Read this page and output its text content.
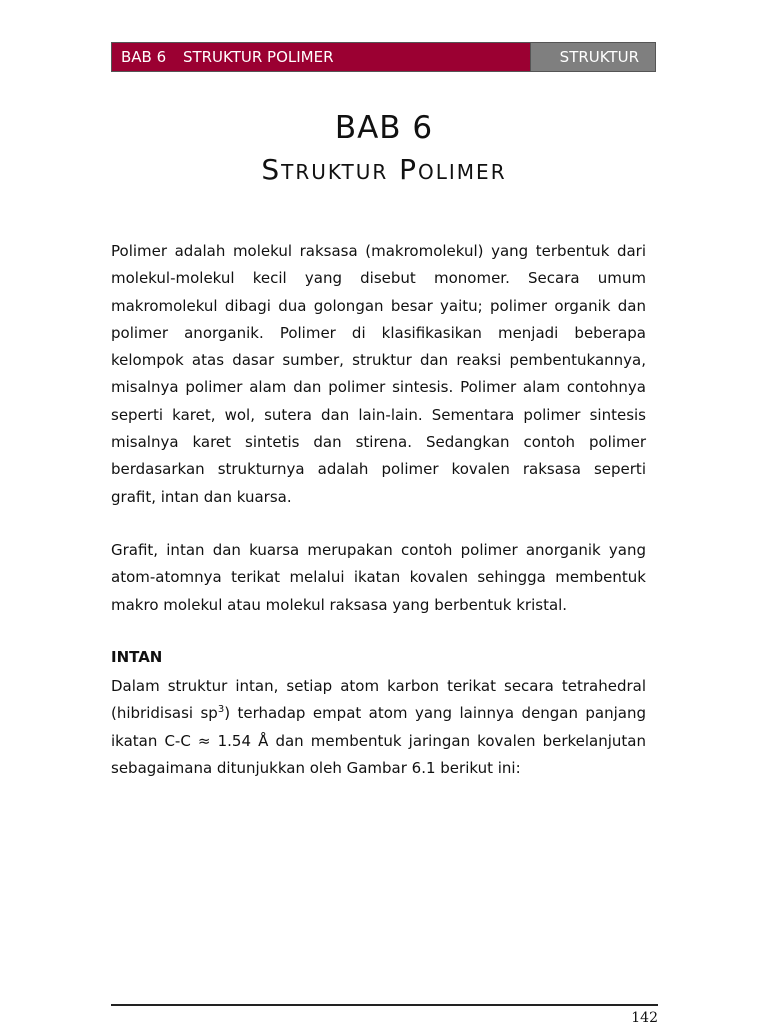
BAB 6 STRUKTUR POLIMER	STRUKTUR
BAB 6
Struktur Polimer
Polimer adalah molekul raksasa (makromolekul) yang terbentuk dari molekul-molekul kecil yang disebut monomer. Secara umum makromolekul dibagi dua golongan besar yaitu; polimer organik dan polimer anorganik. Polimer di klasifikasikan menjadi beberapa kelompok atas dasar sumber, struktur dan reaksi pembentukannya, misalnya polimer alam dan polimer sintesis. Polimer alam contohnya seperti karet, wol, sutera dan lain-lain. Sementara polimer sintesis misalnya karet sintetis dan stirena. Sedangkan contoh polimer berdasarkan strukturnya adalah polimer kovalen raksasa seperti grafit, intan dan kuarsa.
Grafit, intan dan kuarsa merupakan contoh polimer anorganik yang atom-atomnya terikat melalui ikatan kovalen sehingga membentuk makro molekul atau molekul raksasa yang berbentuk kristal.
INTAN
Dalam struktur intan, setiap atom karbon terikat secara tetrahedral (hibridisasi $sp^3$) terhadap empat atom yang lainnya dengan panjang ikatan C-C ≈ 1.54 Å dan membentuk jaringan kovalen berkelanjutan sebagaimana ditunjukkan oleh Gambar 6.1 berikut ini:
142
